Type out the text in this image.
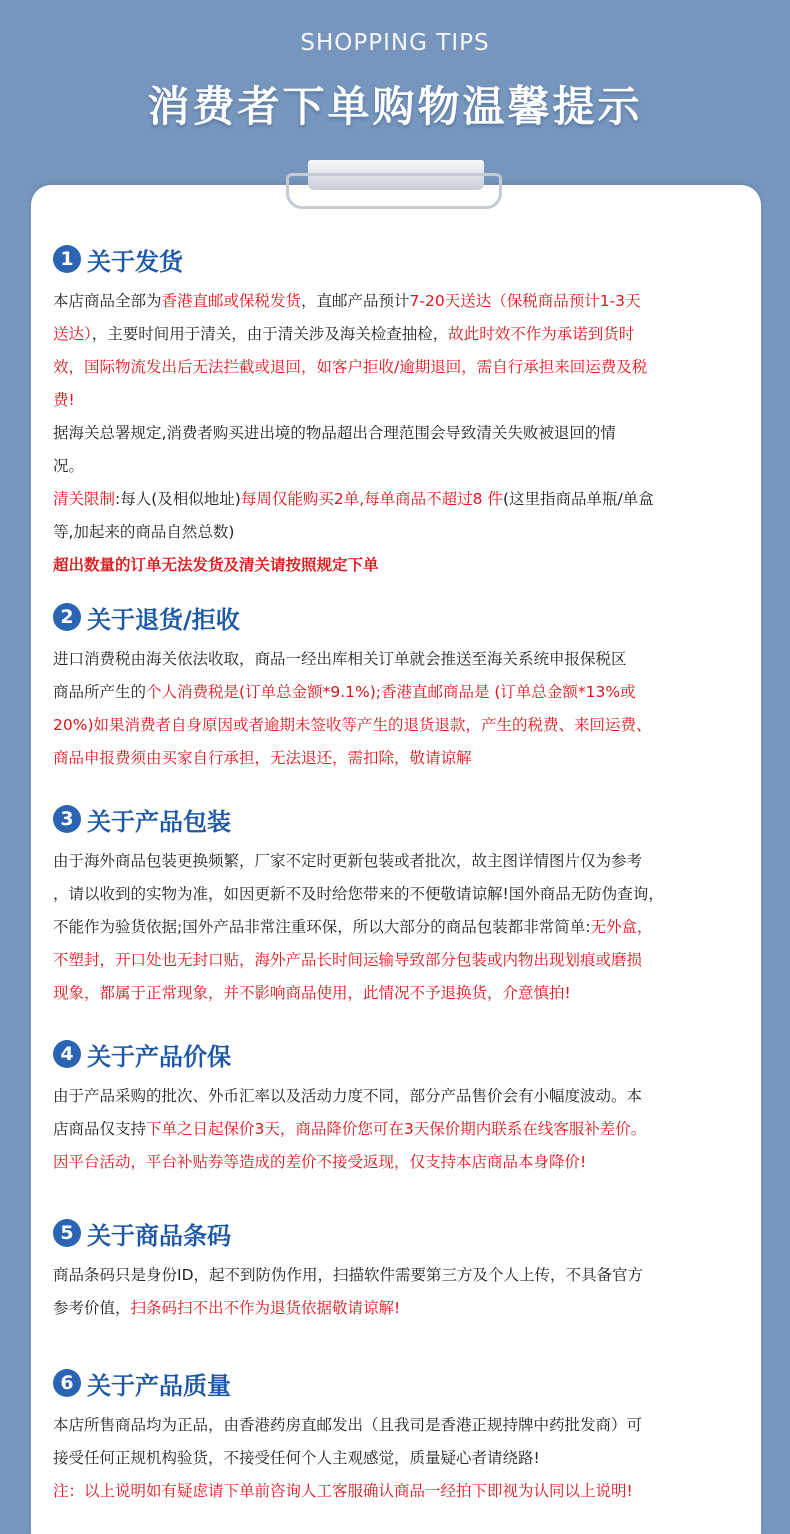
SHOPPING TIPS
消费者下单购物温馨提示
1 关于发货
本店商品全部为香港直邮或保税发货，直邮产品预计7-20天送达（保税商品预计1-3天
送达），主要时间用于清关，由于清关涉及海关检查抽检，故此时效不作为承诺到货时
效，国际物流发出后无法拦截或退回，如客户拒收/逾期退回，需自行承担来回运费及税
费!
据海关总署规定,消费者购买进出境的物品超出合理范围会导致清关失败被退回的情
况。
清关限制:每人(及相似地址)每周仅能购买2单,每单商品不超过8 件(这里指商品单瓶/单盒
等,加起来的商品自然总数)
超出数量的订单无法发货及清关请按照规定下单
2 关于退货/拒收
进口消费税由海关依法收取，商品一经出库相关订单就会推送至海关系统申报保税区
商品所产生的个人消费税是(订单总金额*9.1%);香港直邮商品是 (订单总金额*13%或
20%)如果消费者自身原因或者逾期未签收等产生的退货退款，产生的税费、来回运费、
商品申报费须由买家自行承担，无法退还，需扣除，敬请谅解
3 关于产品包装
由于海外商品包装更换频繁，厂家不定时更新包装或者批次，故主图详情图片仅为参考
，请以收到的实物为准，如因更新不及时给您带来的不便敬请谅解!国外商品无防伪查询，
不能作为验货依据;国外产品非常注重环保，所以大部分的商品包装都非常简单:无外盒，
不塑封，开口处也无封口贴，海外产品长时间运输导致部分包装或内物出现划痕或磨损
现象，都属于正常现象，并不影响商品使用，此情况不予退换货，介意慎拍!
4 关于产品价保
由于产品采购的批次、外币汇率以及活动力度不同，部分产品售价会有小幅度波动。本
店商品仅支持下单之日起保价3天，商品降价您可在3天保价期内联系在线客服补差价。
因平台活动，平台补贴券等造成的差价不接受返现，仅支持本店商品本身降价!
5 关于商品条码
商品条码只是身份ID，起不到防伪作用，扫描软件需要第三方及个人上传，不具备官方
参考价值，扫条码扫不出不作为退货依据敬请谅解!
6 关于产品质量
本店所售商品均为正品，由香港药房直邮发出（且我司是香港正规持牌中药批发商）可
接受任何正规机构验货，不接受任何个人主观感觉，质量疑心者请绕路!
注：以上说明如有疑虑请下单前咨询人工客服确认商品一经拍下即视为认同以上说明!
